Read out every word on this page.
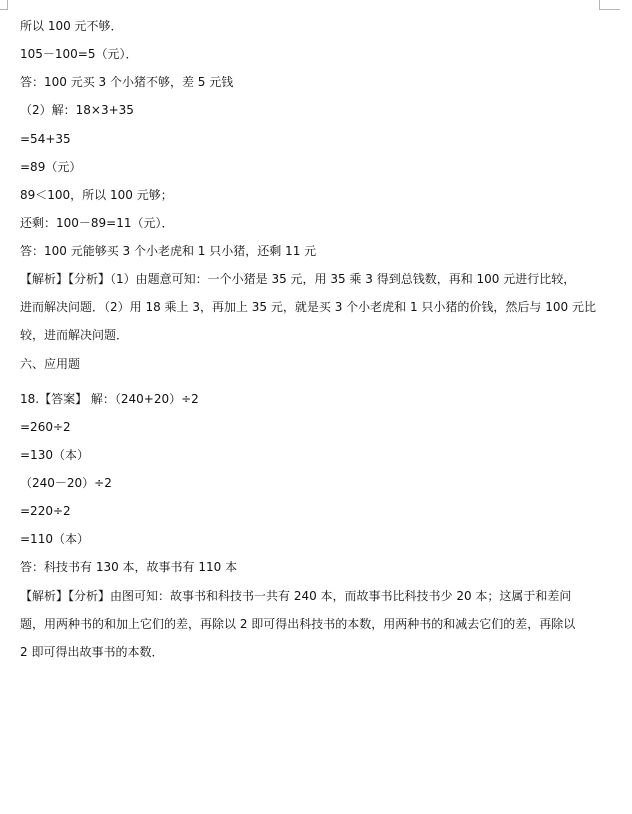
所以 100 元不够．
105－100=5（元）．
答：100 元买 3 个小猪不够，差 5 元钱
（2）解：18×3+35
=54+35
=89（元）
89＜100，所以 100 元够；
还剩：100－89=11（元）．
答：100 元能够买 3 个小老虎和 1 只小猪，还剩 11 元
【解析】【分析】（1）由题意可知：一个小猪是 35 元，用 35 乘 3 得到总钱数，再和 100 元进行比较，
进而解决问题．（2）用 18 乘上 3，再加上 35 元，就是买 3 个小老虎和 1 只小猪的价钱，然后与 100 元比
较，进而解决问题．
六、应用题
18.【答案】 解：（240+20）÷2
=260÷2
=130（本）
（240－20）÷2
=220÷2
=110（本）
答：科技书有 130 本，故事书有 110 本
【解析】【分析】由图可知：故事书和科技书一共有 240 本，而故事书比科技书少 20 本；这属于和差问
题，用两种书的和加上它们的差，再除以 2 即可得出科技书的本数，用两种书的和减去它们的差，再除以
2 即可得出故事书的本数．
